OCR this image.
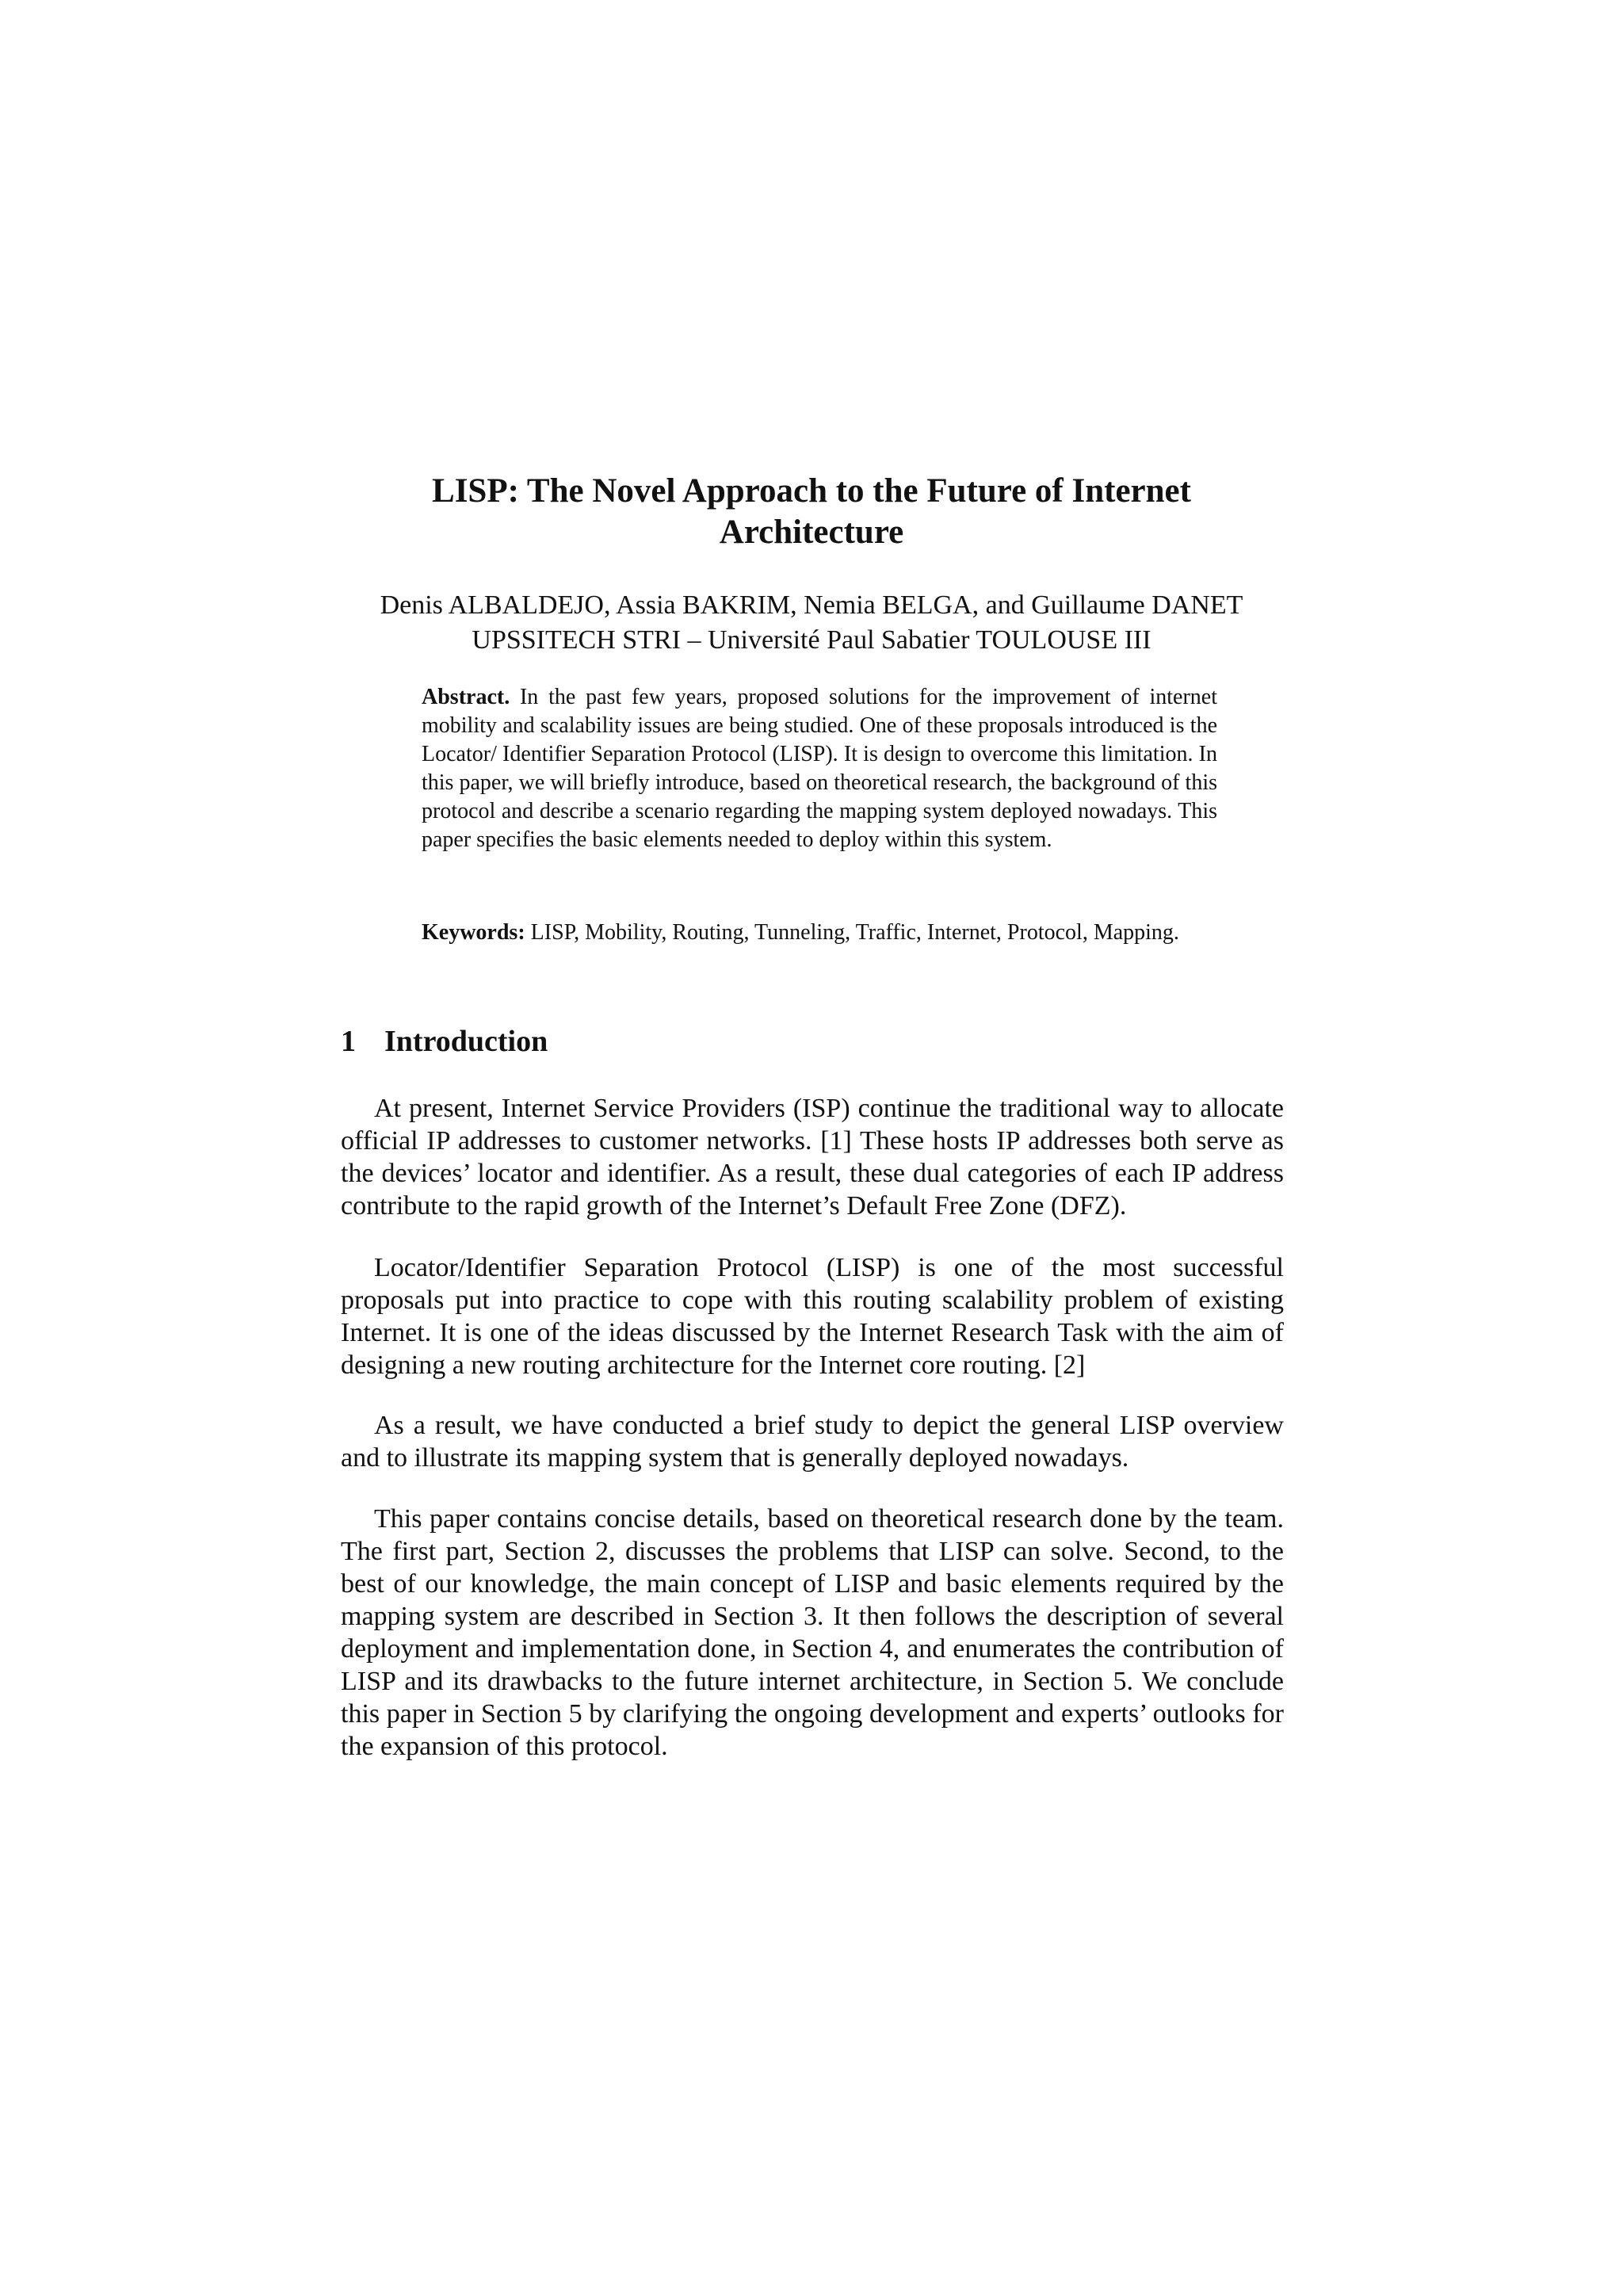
LISP: The Novel Approach to the Future of Internet Architecture
Denis ALBALDEJO, Assia BAKRIM, Nemia BELGA, and Guillaume DANET
UPSSITECH STRI – Université Paul Sabatier TOULOUSE III

Abstract. In the past few years, proposed solutions for the improvement of internet mobility and scalability issues are being studied. One of these proposals introduced is the Locator/ Identifier Separation Protocol (LISP). It is design to overcome this limitation. In this paper, we will briefly introduce, based on theoretical research, the background of this protocol and describe a scenario regarding the mapping system deployed nowadays. This paper specifies the basic elements needed to deploy within this system.

Keywords: LISP, Mobility, Routing, Tunneling, Traffic, Internet, Protocol, Mapping.

1 Introduction

At present, Internet Service Providers (ISP) continue the traditional way to allocate official IP addresses to customer networks. [1] These hosts IP addresses both serve as the devices’ locator and identifier. As a result, these dual categories of each IP address contribute to the rapid growth of the Internet’s Default Free Zone (DFZ).

Locator/Identifier Separation Protocol (LISP) is one of the most successful proposals put into practice to cope with this routing scalability problem of existing Internet. It is one of the ideas discussed by the Internet Research Task with the aim of designing a new routing architecture for the Internet core routing. [2]

As a result, we have conducted a brief study to depict the general LISP overview and to illustrate its mapping system that is generally deployed nowadays.

This paper contains concise details, based on theoretical research done by the team. The first part, Section 2, discusses the problems that LISP can solve. Second, to the best of our knowledge, the main concept of LISP and basic elements required by the mapping system are described in Section 3. It then follows the description of several deployment and implementation done, in Section 4, and enumerates the contribution of LISP and its drawbacks to the future internet architecture, in Section 5. We conclude this paper in Section 5 by clarifying the ongoing development and experts’ outlooks for the expansion of this protocol.
